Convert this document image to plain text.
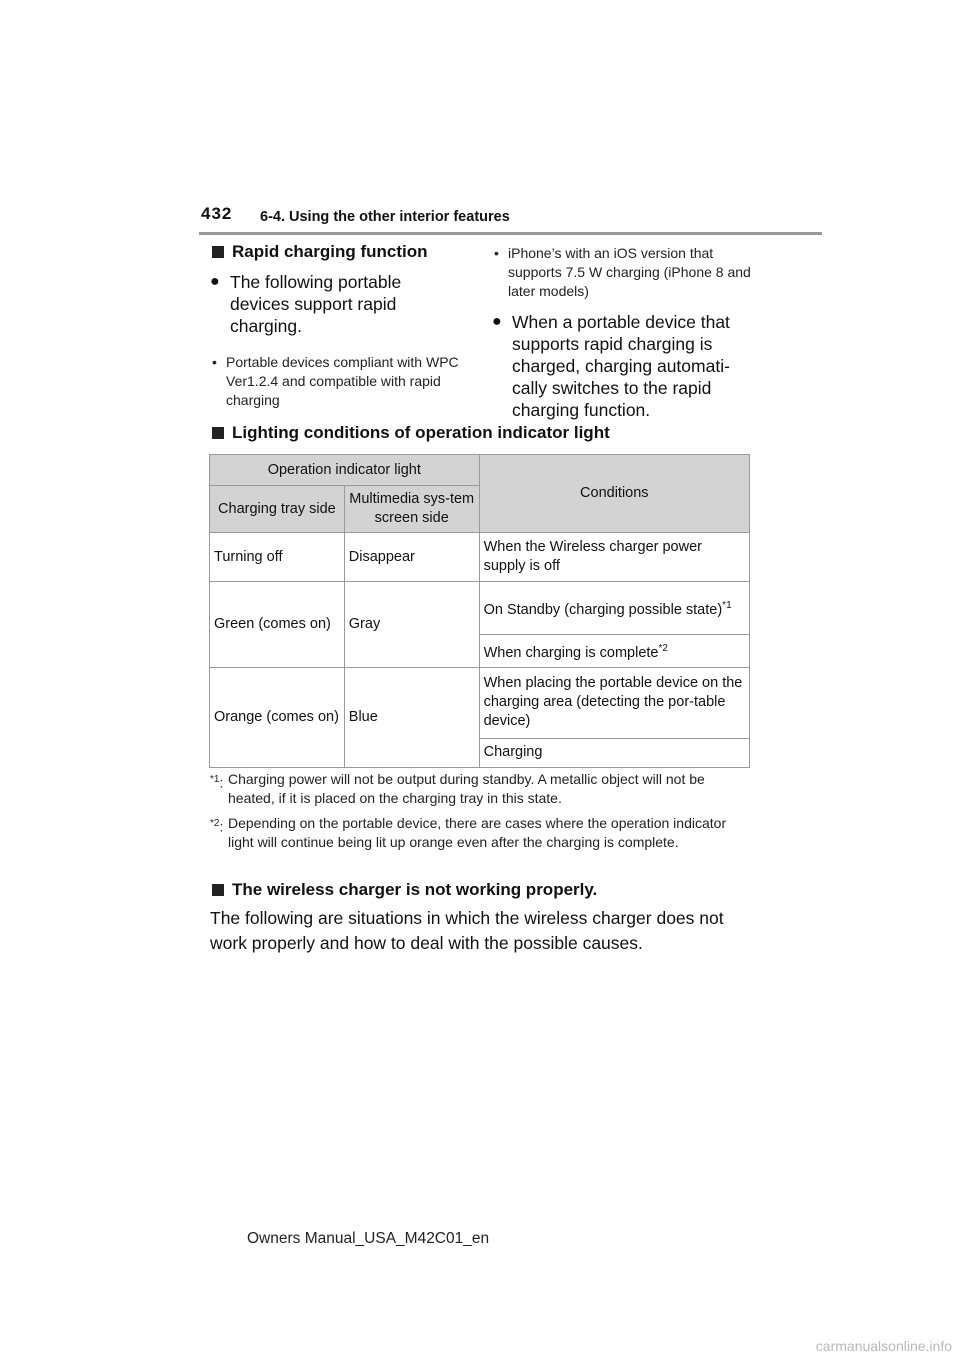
432 6-4. Using the other interior features
Rapid charging function
● The following portable devices support rapid charging.
• Portable devices compliant with WPC Ver1.2.4 and compatible with rapid charging
• iPhone’s with an iOS version that supports 7.5 W charging (iPhone 8 and later models)
● When a portable device that supports rapid charging is charged, charging automati-cally switches to the rapid charging function.
Lighting conditions of operation indicator light
Operation indicator light		Conditions
Charging tray side	Multimedia sys-tem screen side	
Turning off	Disappear	When the Wireless charger power supply is off
Green (comes on)	Gray	On Standby (charging possible state)$^{*1}$
		When charging is complete$^{*2}$
Orange (comes on)	Blue	When placing the portable device on the charging area (detecting the por-table device)
		Charging
$^{*1}$: Charging power will not be output during standby. A metallic object will not be heated, if it is placed on the charging tray in this state.
$^{*2}$: Depending on the portable device, there are cases where the operation indicator light will continue being lit up orange even after the charging is complete.
The wireless charger is not working properly.
The following are situations in which the wireless charger does not work properly and how to deal with the possible causes.
Owners Manual_USA_M42C01_en
carmanualsonline.info
